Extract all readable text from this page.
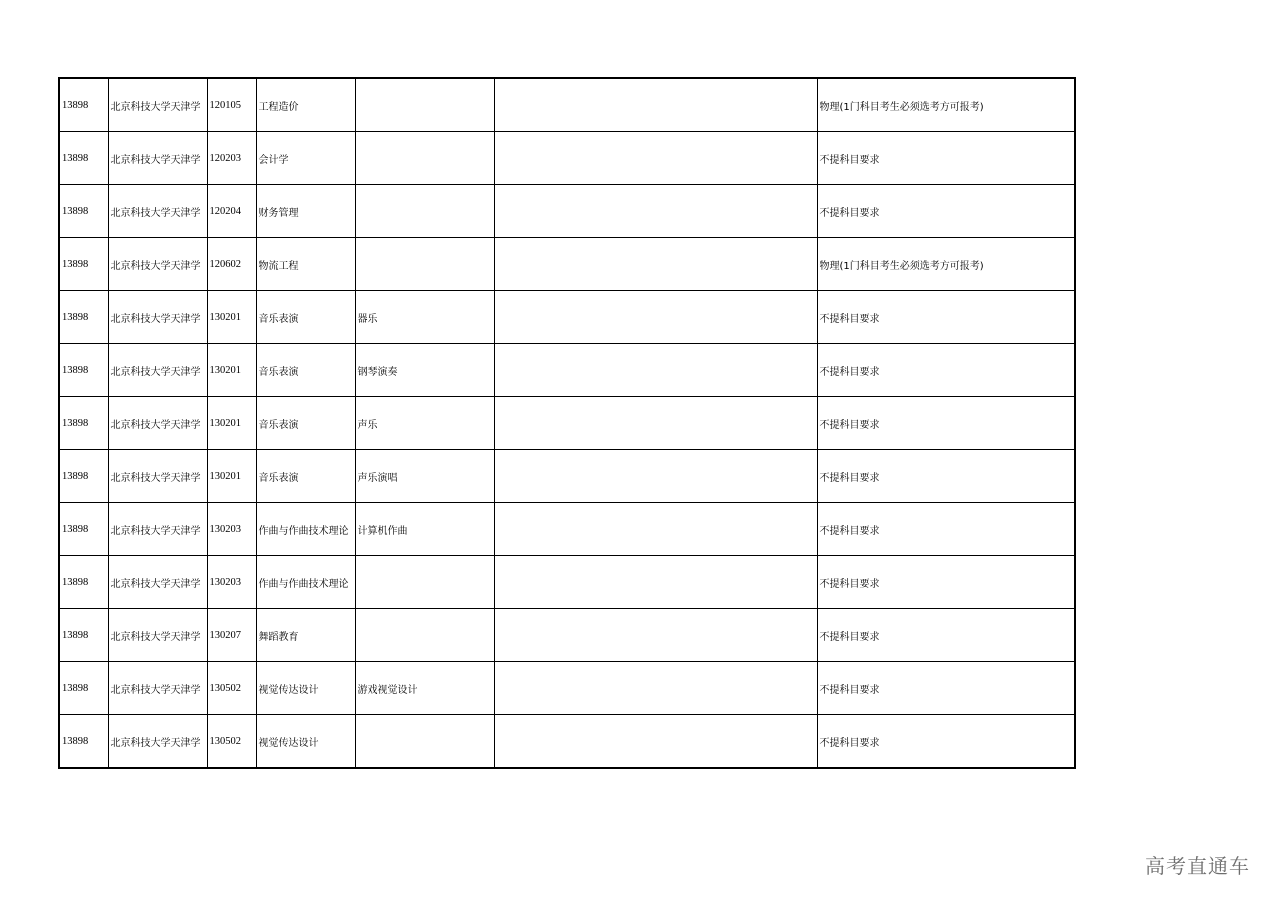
13898	北京科技大学天津学	120105	工程造价			物理(1门科目考生必须选考方可报考)
13898	北京科技大学天津学	120203	会计学			不提科目要求
13898	北京科技大学天津学	120204	财务管理			不提科目要求
13898	北京科技大学天津学	120602	物流工程			物理(1门科目考生必须选考方可报考)
13898	北京科技大学天津学	130201	音乐表演	器乐		不提科目要求
13898	北京科技大学天津学	130201	音乐表演	钢琴演奏		不提科目要求
13898	北京科技大学天津学	130201	音乐表演	声乐		不提科目要求
13898	北京科技大学天津学	130201	音乐表演	声乐演唱		不提科目要求
13898	北京科技大学天津学	130203	作曲与作曲技术理论	计算机作曲		不提科目要求
13898	北京科技大学天津学	130203	作曲与作曲技术理论			不提科目要求
13898	北京科技大学天津学	130207	舞蹈教育			不提科目要求
13898	北京科技大学天津学	130502	视觉传达设计	游戏视觉设计		不提科目要求
13898	北京科技大学天津学	130502	视觉传达设计			不提科目要求
高考直通车
